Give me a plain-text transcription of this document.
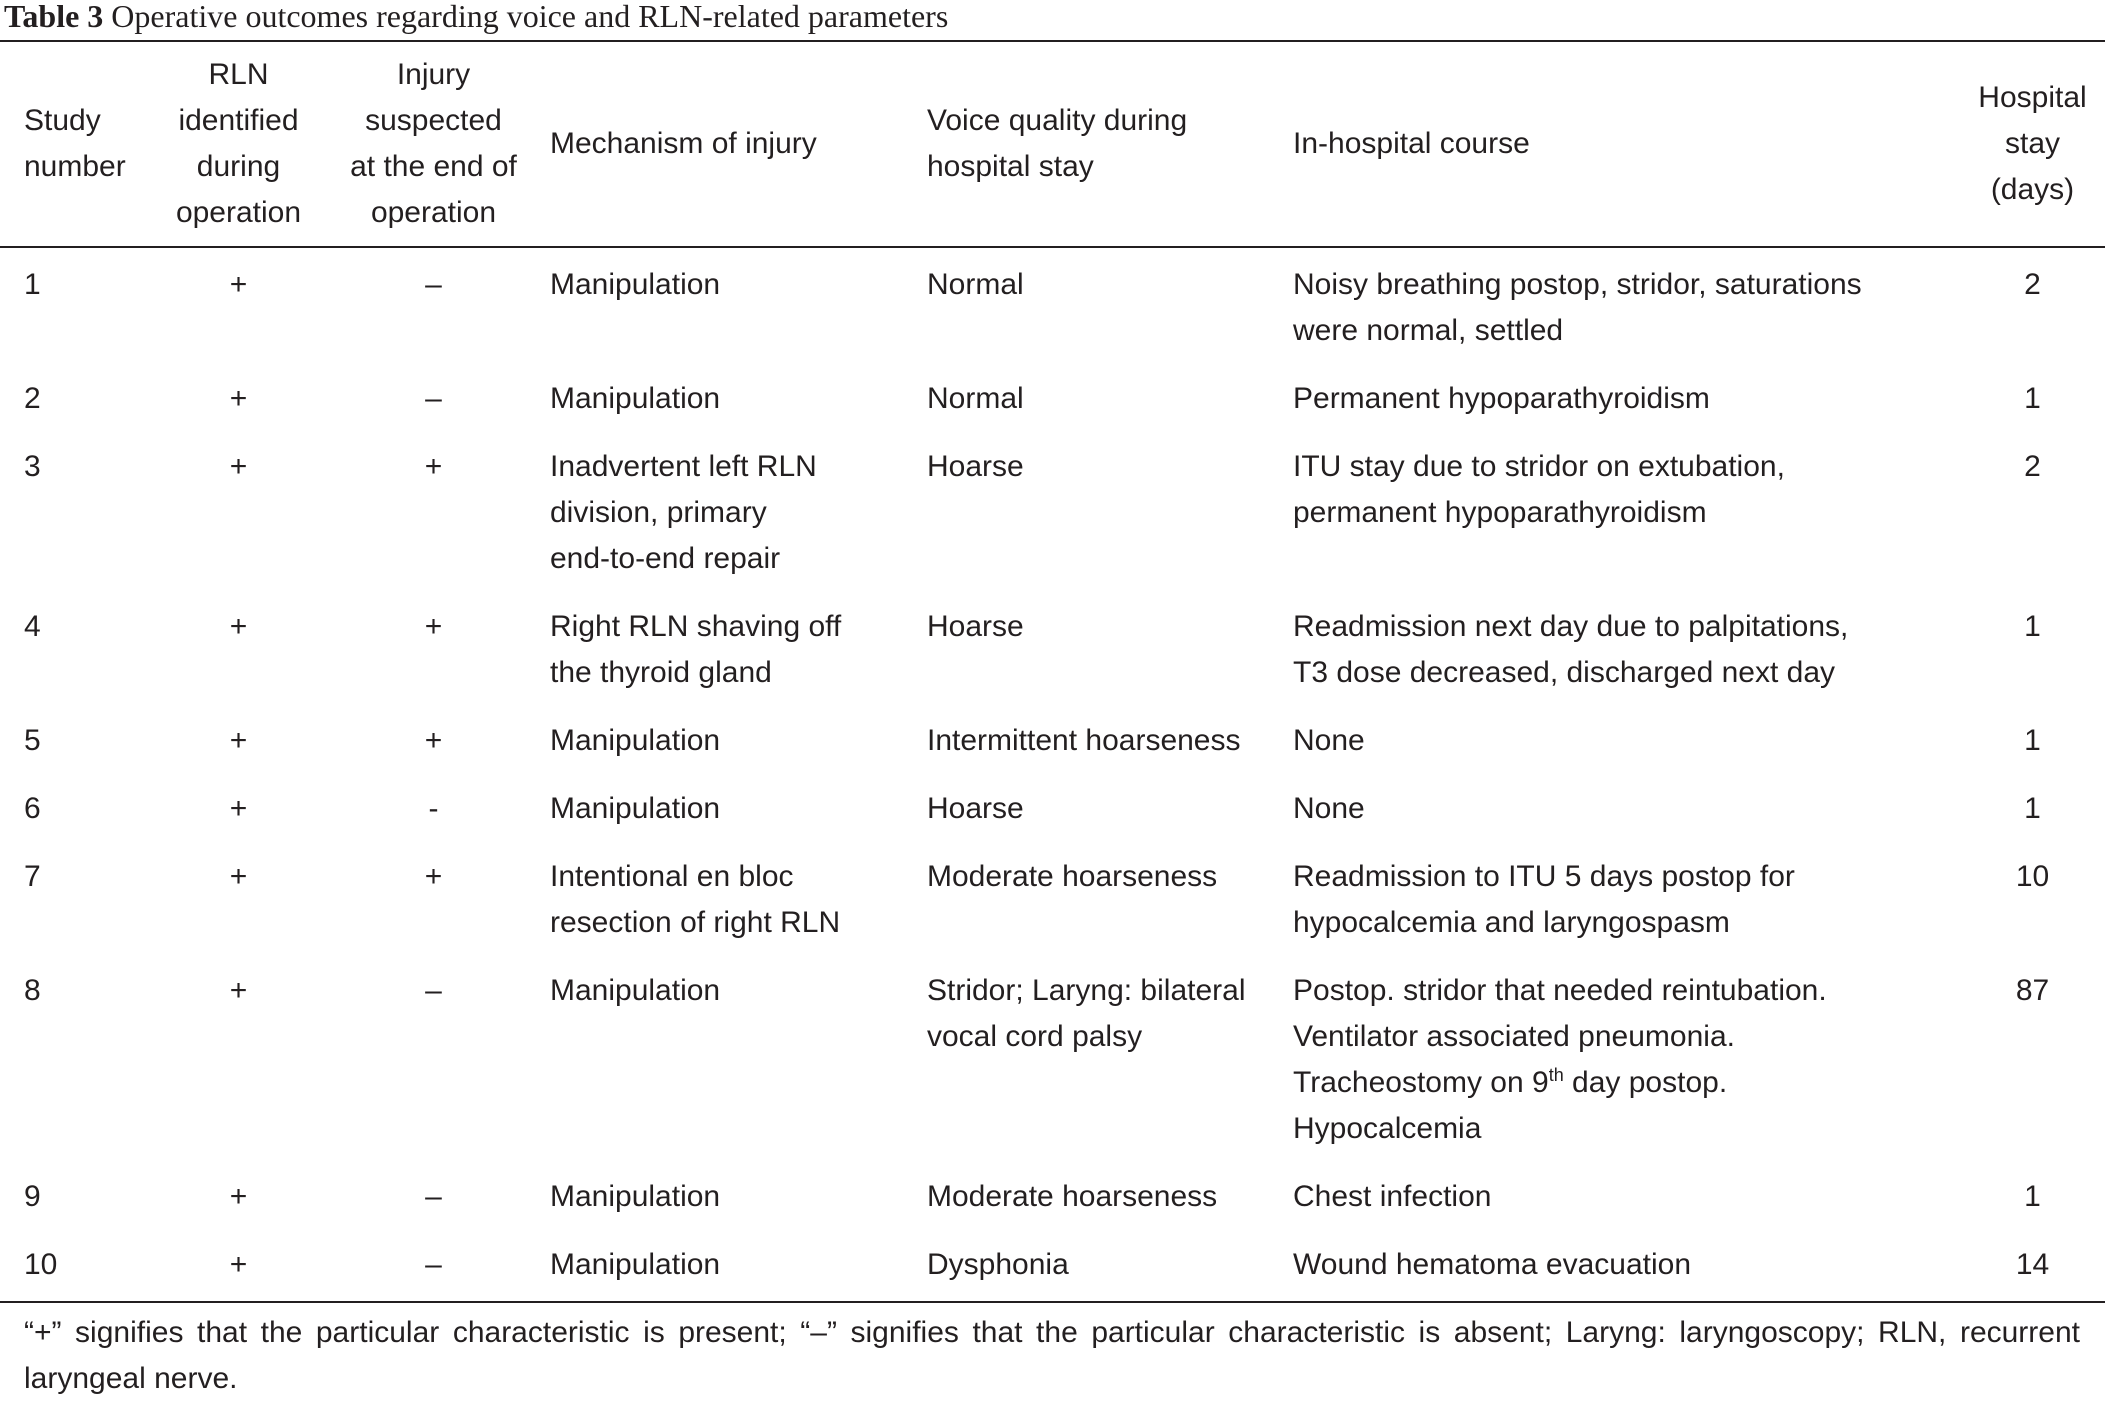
Table 3 Operative outcomes regarding voice and RLN-related parameters
Study
number	RLN
identified
during
operation	Injury
suspected
at the end of
operation	Mechanism of injury	Voice quality during
hospital stay	In-hospital course	Hospital
stay
(days)

1	+	–	Manipulation	Normal	Noisy breathing postop, stridor, saturations
were normal, settled	2
2	+	–	Manipulation	Normal	Permanent hypoparathyroidism	1
3	+	+	Inadvertent left RLN
division, primary
end-to-end repair	Hoarse	ITU stay due to stridor on extubation,
permanent hypoparathyroidism	2
4	+	+	Right RLN shaving off
the thyroid gland	Hoarse	Readmission next day due to palpitations,
T3 dose decreased, discharged next day	1
5	+	+	Manipulation	Intermittent hoarseness	None	1
6	+	-	Manipulation	Hoarse	None	1
7	+	+	Intentional en bloc
resection of right RLN	Moderate hoarseness	Readmission to ITU 5 days postop for
hypocalcemia and laryngospasm	10
8	+	–	Manipulation	Stridor; Laryng: bilateral
vocal cord palsy	Postop. stridor that needed reintubation.
Ventilator associated pneumonia.
Tracheostomy on 9th day postop.
Hypocalcemia	87
9	+	–	Manipulation	Moderate hoarseness	Chest infection	1
10	+	–	Manipulation	Dysphonia	Wound hematoma evacuation	14
“+” signifies that the particular characteristic is present; “–” signifies that the particular characteristic is absent; Laryng: laryngoscopy; RLN, recurrent laryngeal nerve.
